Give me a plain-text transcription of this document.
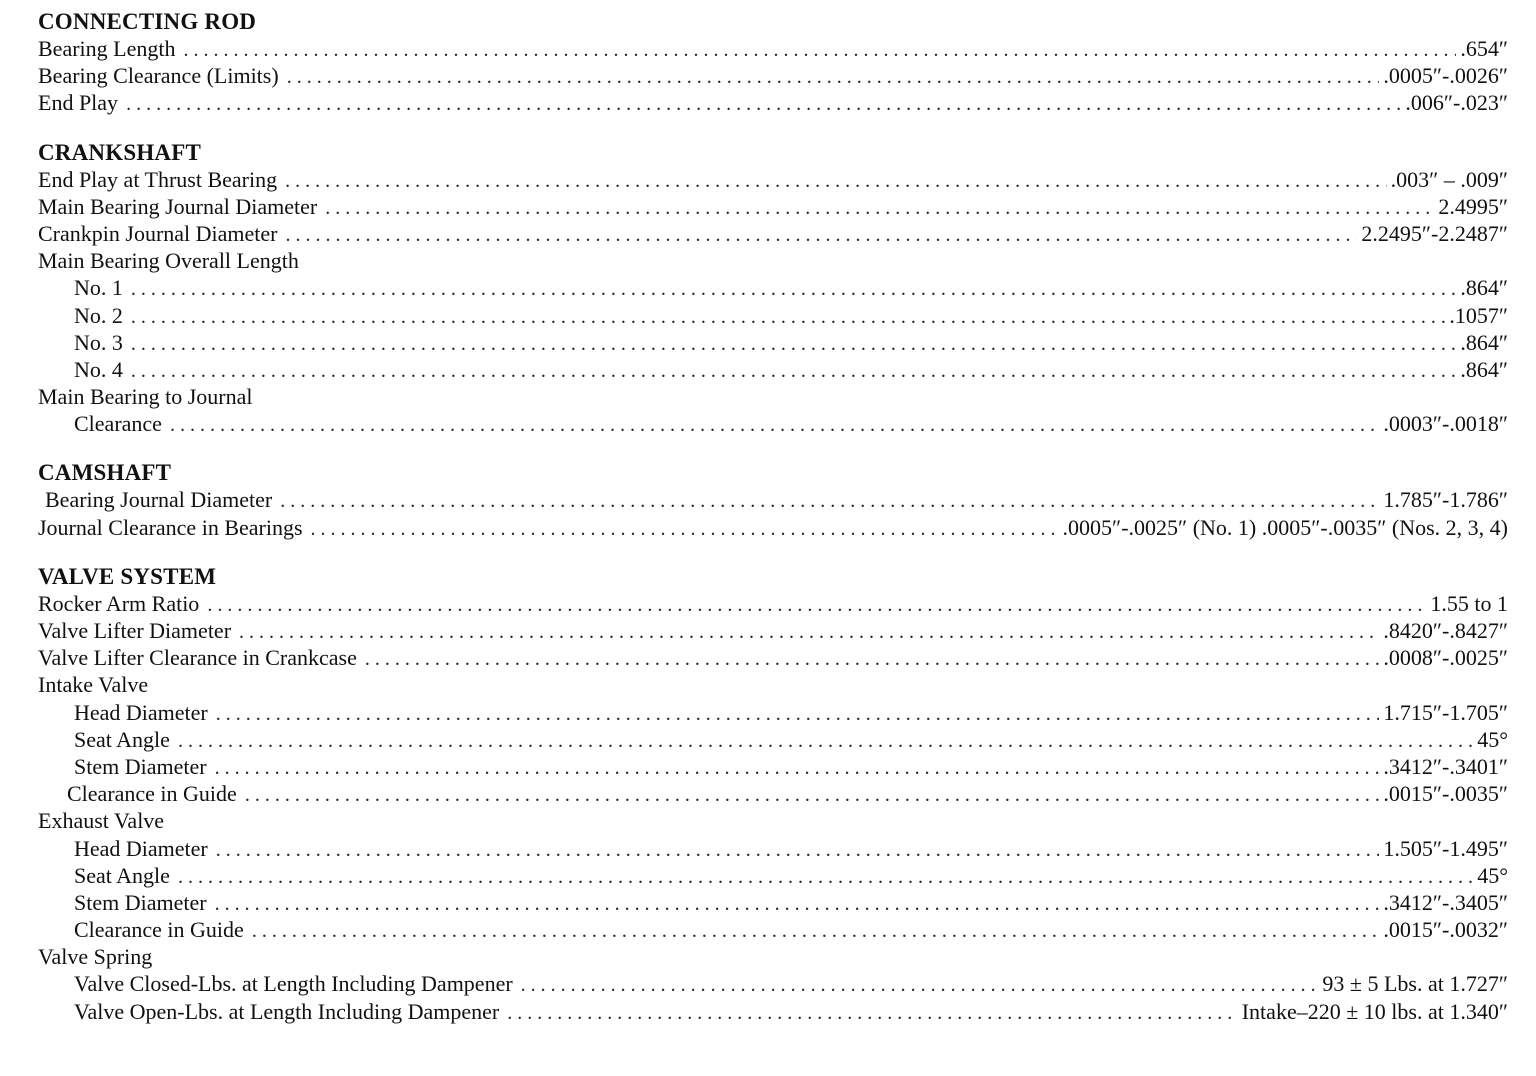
CONNECTING ROD
Bearing Length . . .	.654″
Bearing Clearance (Limits) . . .	.0005″-.0026″
End Play . . .	.006″-.023″
CRANKSHAFT
End Play at Thrust Bearing . . .	.003″ – .009″
Main Bearing Journal Diameter . . .	2.4995″
Crankpin Journal Diameter . . .	2.2495″-2.2487″
Main Bearing Overall Length
No. 1 . . .	.864″
No. 2 . . .	.1057″
No. 3 . . .	.864″
No. 4 . . .	.864″
Main Bearing to Journal
Clearance . . .	.0003″-.0018″
CAMSHAFT
Bearing Journal Diameter . . .	1.785″-1.786″
Journal Clearance in Bearings . . .	.0005″-.0025″ (No. 1) .0005″-.0035″ (Nos. 2, 3, 4)
VALVE SYSTEM
Rocker Arm Ratio . . .	1.55 to 1
Valve Lifter Diameter . . .	.8420″-.8427″
Valve Lifter Clearance in Crankcase . . .	.0008″-.0025″
Intake Valve
Head Diameter . . .	1.715″-1.705″
Seat Angle . . .	45°
Stem Diameter . . .	.3412″-.3401″
Clearance in Guide . . .	.0015″-.0035″
Exhaust Valve
Head Diameter . . .	1.505″-1.495″
Seat Angle . . .	45°
Stem Diameter . . .	.3412″-.3405″
Clearance in Guide . . .	.0015″-.0032″
Valve Spring
Valve Closed-Lbs. at Length Including Dampener . . .	93 ± 5 Lbs. at 1.727″
Valve Open-Lbs. at Length Including Dampener . . .	Intake–220 ± 10 lbs. at 1.340″
